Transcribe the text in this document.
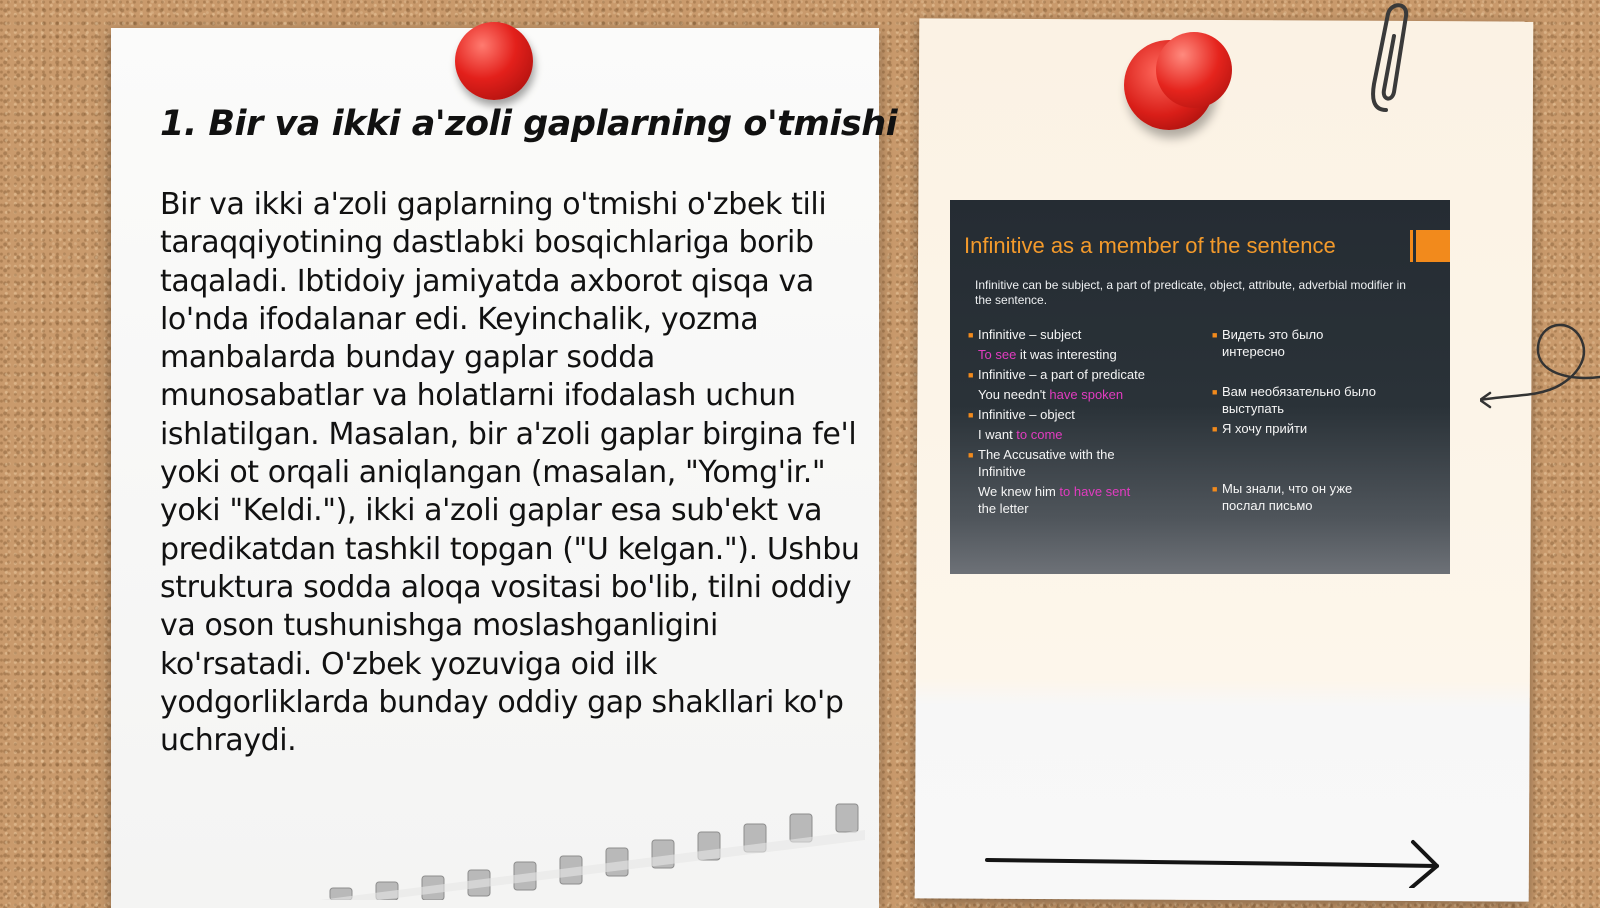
1. Bir va ikki a'zoli gaplarning o'tmishi

Bir va ikki a'zoli gaplarning o'tmishi o'zbek tili taraqqiyotining dastlabki bosqichlariga borib taqaladi. Ibtidoiy jamiyatda axborot qisqa va lo'nda ifodalanar edi. Keyinchalik, yozma manbalarda bunday gaplar sodda munosabatlar va holatlarni ifodalash uchun ishlatilgan. Masalan, bir a'zoli gaplar birgina fe'l yoki ot orqali aniqlangan (masalan, "Yomg'ir." yoki "Keldi."), ikki a'zoli gaplar esa sub'ekt va predikatdan tashkil topgan ("U kelgan."). Ushbu struktura sodda aloqa vositasi bo'lib, tilni oddiy va oson tushunishga moslashganligini ko'rsatadi. O'zbek yozuviga oid ilk yodgorliklarda bunday oddiy gap shakllari ko'p uchraydi.

Infinitive as a member of the sentence
Infinitive can be subject, a part of predicate, object, attribute, adverbial modifier in the sentence.
■ Infinitive – subject
To see it was interesting
■ Infinitive – a part of predicate
You needn't have spoken
■ Infinitive – object
I want to come
■ The Accusative with the
Infinitive
We knew him to have sent
the letter
■ Видеть это было
интересно
■ Вам необязательно было
выступать
■ Я хочу прийти
■ Мы знали, что он уже
послал письмо
